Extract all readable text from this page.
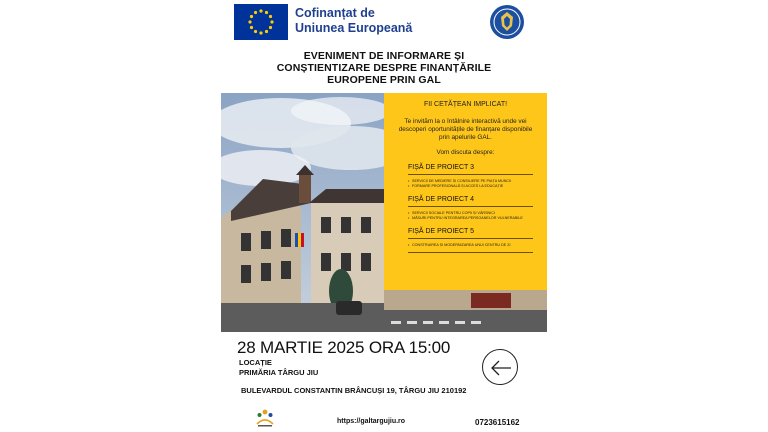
Cofinanțat de
Uniunea Europeană
EVENIMENT DE INFORMARE ȘI
CONȘTIENTIZARE DESPRE FINANȚĂRILE
EUROPENE PRIN GAL
FII CETĂȚEAN IMPLICAT!
Te invităm la o întâlnire interactivă unde vei descoperi oportunitățile de finanțare disponibile prin apelurile GAL.
Vom discuta despre:
FIȘĂ DE PROIECT 3
• SERVICII DE MEDIERE ȘI CONSILIERE PE PIAȚA MUNCII
• FORMARE PROFESIONALĂ ȘI ACCES LA EDUCAȚIE
FIȘĂ DE PROIECT 4
• SERVICII SOCIALE PENTRU COPII ȘI VÂRSNICI
• MĂSURI PENTRU INTEGRAREA PERSOANELOR VULNERABILE
FIȘĂ DE PROIECT 5
• CONSTRUIREA ȘI MODERNIZAREA UNUI CENTRU DE ZI
28 MARTIE 2025 ORA 15:00
LOCAȚIE
PRIMĂRIA TÂRGU JIU
BULEVARDUL CONSTANTIN BRÂNCUȘI 19, TÂRGU JIU 210192
https://galtargujiu.ro	0723615162
